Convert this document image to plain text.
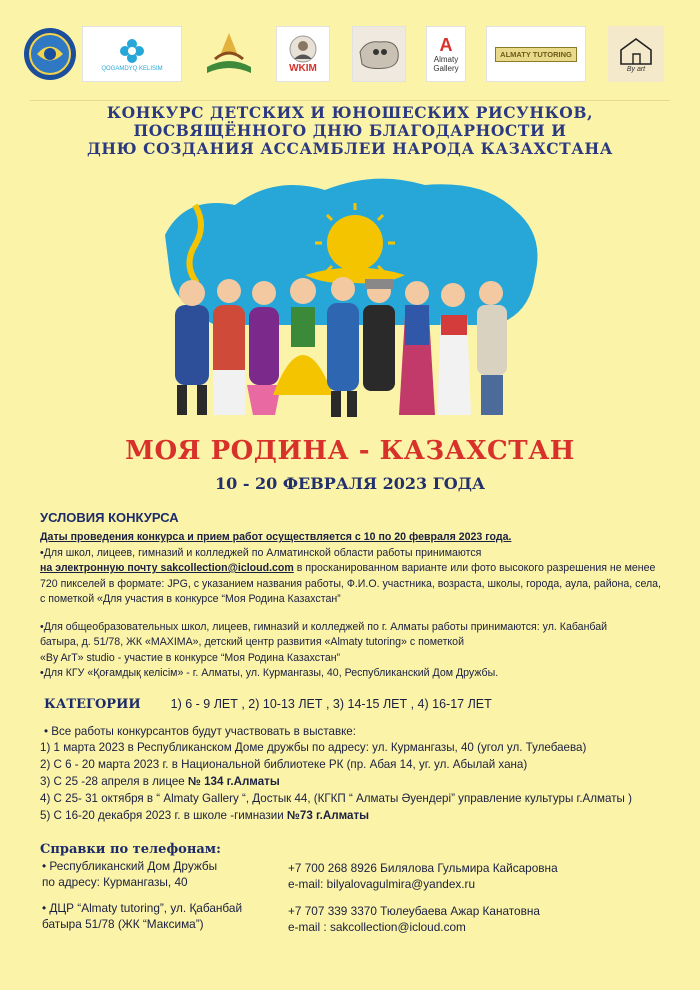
QOGAMDYQ KELISIM	WKIM
A
Almaty Gallery
ALMATY TUTORING
By art
КОНКУРС ДЕТСКИХ И ЮНОШЕСКИХ РИСУНКОВ,
ПОСВЯЩЁННОГО ДНЮ БЛАГОДАРНОСТИ И
ДНЮ СОЗДАНИЯ АССАМБЛЕИ НАРОДА КАЗАХСТАНА
МОЯ РОДИНА - КАЗАХСТАН
10 - 20 ФЕВРАЛЯ 2023 ГОДА
УСЛОВИЯ КОНКУРСА
Даты проведения конкурса и прием работ осуществляется с 10 по 20 февраля 2023 года.
•Для школ, лицеев, гимназий и колледжей по Алматинской области работы принимаются
на электронную почту sakcollection@icloud.com в просканированном варианте или фото высокого разрешения не менее
720 пикселей в формате: JPG, с указанием названия работы, Ф.И.О. участника, возраста, школы, города, аула, района, села,
с пометкой «Для участия в конкурсе “Моя Родина Казахстан”
•Для общеобразовательных школ, лицеев, гимназий и колледжей по г. Алматы работы принимаются: ул. Кабанбай
батыра, д. 51/78, ЖК «MAXIMA», детский центр развития «Almaty tutoring» с пометкой
«By ArT» studio - участие в конкурсе “Моя Родина Казахстан”
•Для КГУ «Қоғамдық келісім» - г. Алматы, ул. Курмангазы, 40, Республиканский Дом Дружбы.
КАТЕГОРИИ 1) 6 - 9 ЛЕТ , 2) 10-13 ЛЕТ , 3) 14-15 ЛЕТ , 4) 16-17 ЛЕТ
• Все работы конкурсантов будут участвовать в выставке:
1) 1 марта 2023 в Республиканском Доме дружбы по адресу: ул. Курмангазы, 40 (угол ул. Тулебаева)
2) С 6 - 20 марта 2023 г. в Национальной библиотеке РК (пр. Абая 14, уг. ул. Абылай хана)
3) С 25 -28 апреля в лицее № 134 г.Алматы
4) С 25- 31 октября в “ Almaty Gallery “, Достык 44, (КГКП “ Алматы Әуендері” управление культуры г.Алматы )
5) С 16-20 декабря 2023 г. в школе -гимназии №73 г.Алматы
Справки по телефонам:
• Республиканский Дом Дружбы
по адресу: Курмангазы, 40
• ДЦР “Almaty tutoring”, ул. Қабанбай
батыра 51/78 (ЖК “Максима”)
+7 700 268 8926 Билялова Гульмира Кайсаровна
e-mail: bilyalovagulmira@yandex.ru
+7 707 339 3370 Тюлеубаева Ажар Канатовна
e-mail : sakcollection@icloud.com
